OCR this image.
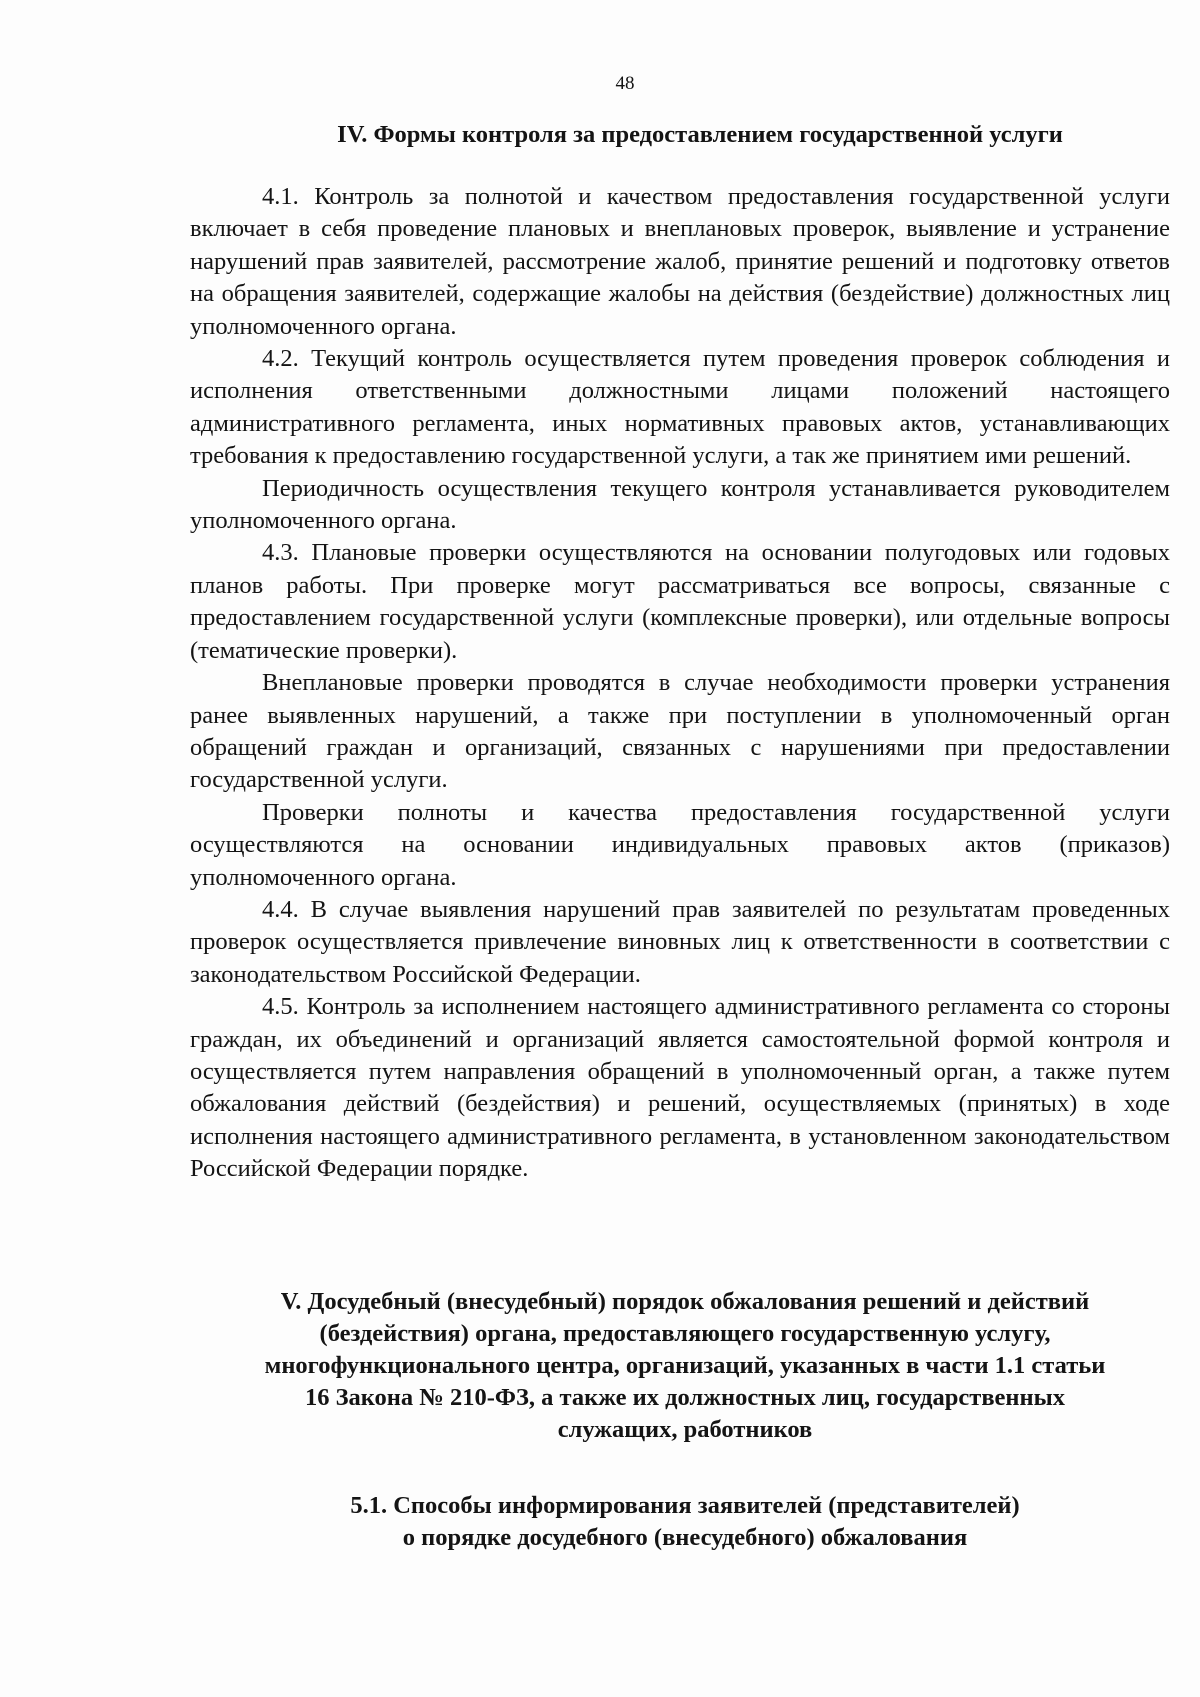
48
IV. Формы контроля за предоставлением государственной услуги

4.1. Контроль за полнотой и качеством предоставления государственной услуги включает в себя проведение плановых и внеплановых проверок, выявление и устранение нарушений прав заявителей, рассмотрение жалоб, принятие решений и подготовку ответов на обращения заявителей, содержащие жалобы на действия (бездействие) должностных лиц уполномоченного органа.

4.2. Текущий контроль осуществляется путем проведения проверок соблюдения и исполнения ответственными должностными лицами положений настоящего административного регламента, иных нормативных правовых актов, устанавливающих требования к предоставлению государственной услуги, а так же принятием ими решений.

Периодичность осуществления текущего контроля устанавливается руководителем уполномоченного органа.

4.3. Плановые проверки осуществляются на основании полугодовых или годовых планов работы. При проверке могут рассматриваться все вопросы, связанные с предоставлением государственной услуги (комплексные проверки), или отдельные вопросы (тематические проверки).

Внеплановые проверки проводятся в случае необходимости проверки устранения ранее выявленных нарушений, а также при поступлении в уполномоченный орган обращений граждан и организаций, связанных с нарушениями при предоставлении государственной услуги.

Проверки полноты и качества предоставления государственной услуги осуществляются на основании индивидуальных правовых актов (приказов) уполномоченного органа.

4.4. В случае выявления нарушений прав заявителей по результатам проведенных проверок осуществляется привлечение виновных лиц к ответственности в соответствии с законодательством Российской Федерации.

4.5. Контроль за исполнением настоящего административного регламента со стороны граждан, их объединений и организаций является самостоятельной формой контроля и осуществляется путем направления обращений в уполномоченный орган, а также путем обжалования действий (бездействия) и решений, осуществляемых (принятых) в ходе исполнения настоящего административного регламента, в установленном законодательством Российской Федерации порядке.

V. Досудебный (внесудебный) порядок обжалования решений и действий
(бездействия) органа, предоставляющего государственную услугу,
многофункционального центра, организаций, указанных в части 1.1 статьи
16 Закона № 210-ФЗ, а также их должностных лиц, государственных
служащих, работников
5.1. Способы информирования заявителей (представителей)
о порядке досудебного (внесудебного) обжалования
